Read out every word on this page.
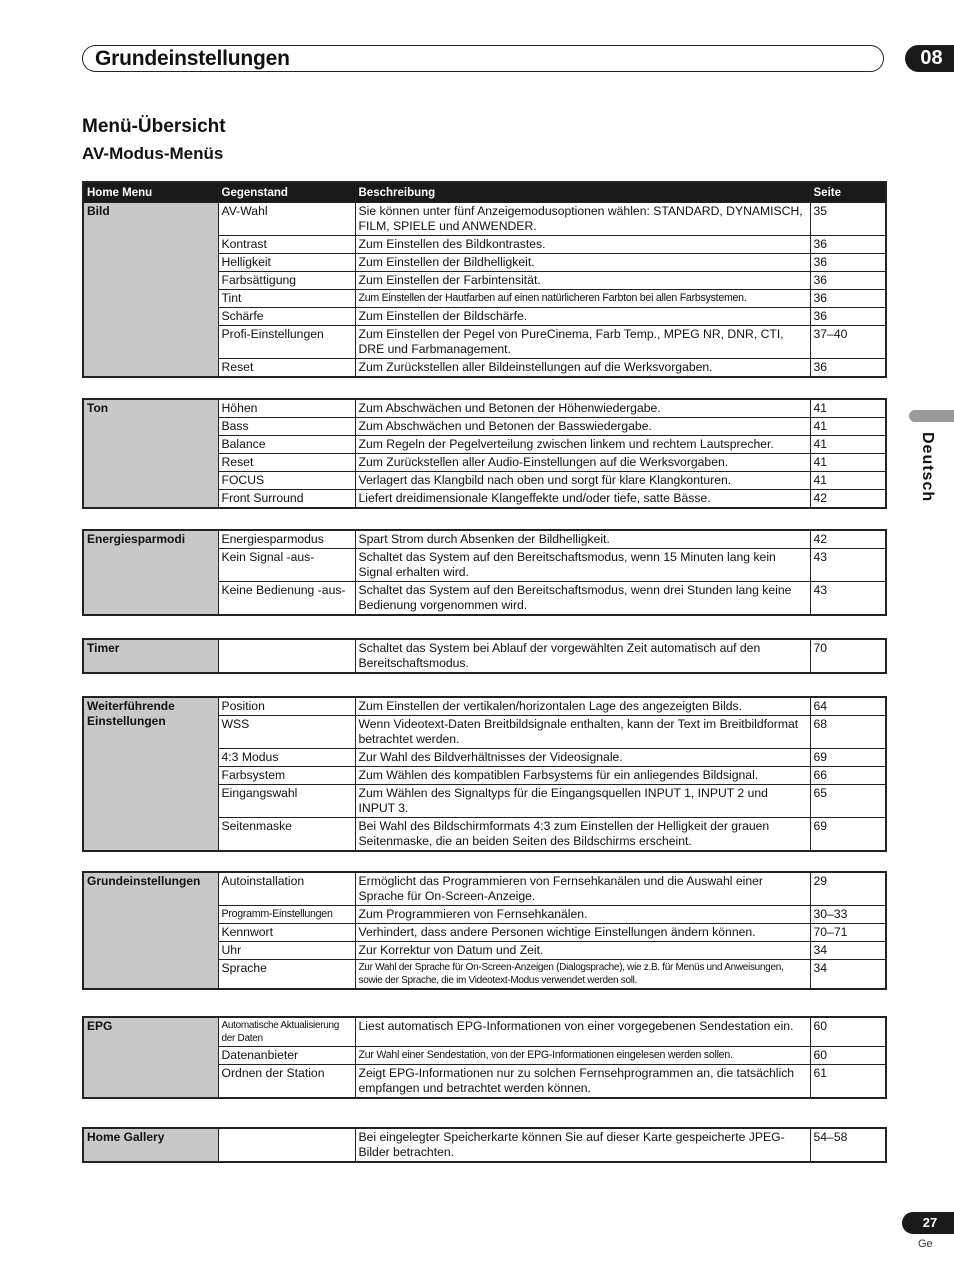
Grundeinstellungen	08
Menü-Übersicht
AV-Modus-Menüs
Deutsch
Home Menu	Gegenstand	Beschreibung	Seite
Bild	AV-Wahl	Sie können unter fünf Anzeigemodusoptionen wählen: STANDARD, DYNAMISCH, FILM, SPIELE und ANWENDER.	35
	Kontrast	Zum Einstellen des Bildkontrastes.	36
	Helligkeit	Zum Einstellen der Bildhelligkeit.	36
	Farbsättigung	Zum Einstellen der Farbintensität.	36
	Tint	Zum Einstellen der Hautfarben auf einen natürlicheren Farbton bei allen Farbsystemen.	36
	Schärfe	Zum Einstellen der Bildschärfe.	36
	Profi-Einstellungen	Zum Einstellen der Pegel von PureCinema, Farb Temp., MPEG NR, DNR, CTI, DRE und Farbmanagement.	37–40
	Reset	Zum Zurückstellen aller Bildeinstellungen auf die Werksvorgaben.	36
Ton	Höhen	Zum Abschwächen und Betonen der Höhenwiedergabe.	41
	Bass	Zum Abschwächen und Betonen der Basswiedergabe.	41
	Balance	Zum Regeln der Pegelverteilung zwischen linkem und rechtem Lautsprecher.	41
	Reset	Zum Zurückstellen aller Audio-Einstellungen auf die Werksvorgaben.	41
	FOCUS	Verlagert das Klangbild nach oben und sorgt für klare Klangkonturen.	41
	Front Surround	Liefert dreidimensionale Klangeffekte und/oder tiefe, satte Bässe.	42
Energiesparmodi	Energiesparmodus	Spart Strom durch Absenken der Bildhelligkeit.	42
	Kein Signal -aus-	Schaltet das System auf den Bereitschaftsmodus, wenn 15 Minuten lang kein Signal erhalten wird.	43
	Keine Bedienung -aus-	Schaltet das System auf den Bereitschaftsmodus, wenn drei Stunden lang keine Bedienung vorgenommen wird.	43
Timer		Schaltet das System bei Ablauf der vorgewählten Zeit automatisch auf den Bereitschaftsmodus.	70
Weiterführende Einstellungen	Position	Zum Einstellen der vertikalen/horizontalen Lage des angezeigten Bilds.	64
	WSS	Wenn Videotext-Daten Breitbildsignale enthalten, kann der Text im Breitbildformat betrachtet werden.	68
	4:3 Modus	Zur Wahl des Bildverhältnisses der Videosignale.	69
	Farbsystem	Zum Wählen des kompatiblen Farbsystems für ein anliegendes Bildsignal.	66
	Eingangswahl	Zum Wählen des Signaltyps für die Eingangsquellen INPUT 1, INPUT 2 und INPUT 3.	65
	Seitenmaske	Bei Wahl des Bildschirmformats 4:3 zum Einstellen der Helligkeit der grauen Seitenmaske, die an beiden Seiten des Bildschirms erscheint.	69
Grundeinstellungen	Autoinstallation	Ermöglicht das Programmieren von Fernsehkanälen und die Auswahl einer Sprache für On-Screen-Anzeige.	29
	Programm-Einstellungen	Zum Programmieren von Fernsehkanälen.	30–33
	Kennwort	Verhindert, dass andere Personen wichtige Einstellungen ändern können.	70–71
	Uhr	Zur Korrektur von Datum und Zeit.	34
	Sprache	Zur Wahl der Sprache für On-Screen-Anzeigen (Dialogsprache), wie z.B. für Menüs und Anweisungen, sowie der Sprache, die im Videotext-Modus verwendet werden soll.	34
EPG	Automatische Aktualisierung der Daten	Liest automatisch EPG-Informationen von einer vorgegebenen Sendestation ein.	60
	Datenanbieter	Zur Wahl einer Sendestation, von der EPG-Informationen eingelesen werden sollen.	60
	Ordnen der Station	Zeigt EPG-Informationen nur zu solchen Fernsehprogrammen an, die tatsächlich empfangen und betrachtet werden können.	61
Home Gallery		Bei eingelegter Speicherkarte können Sie auf dieser Karte gespeicherte JPEG-Bilder betrachten.	54–58
27
Ge
